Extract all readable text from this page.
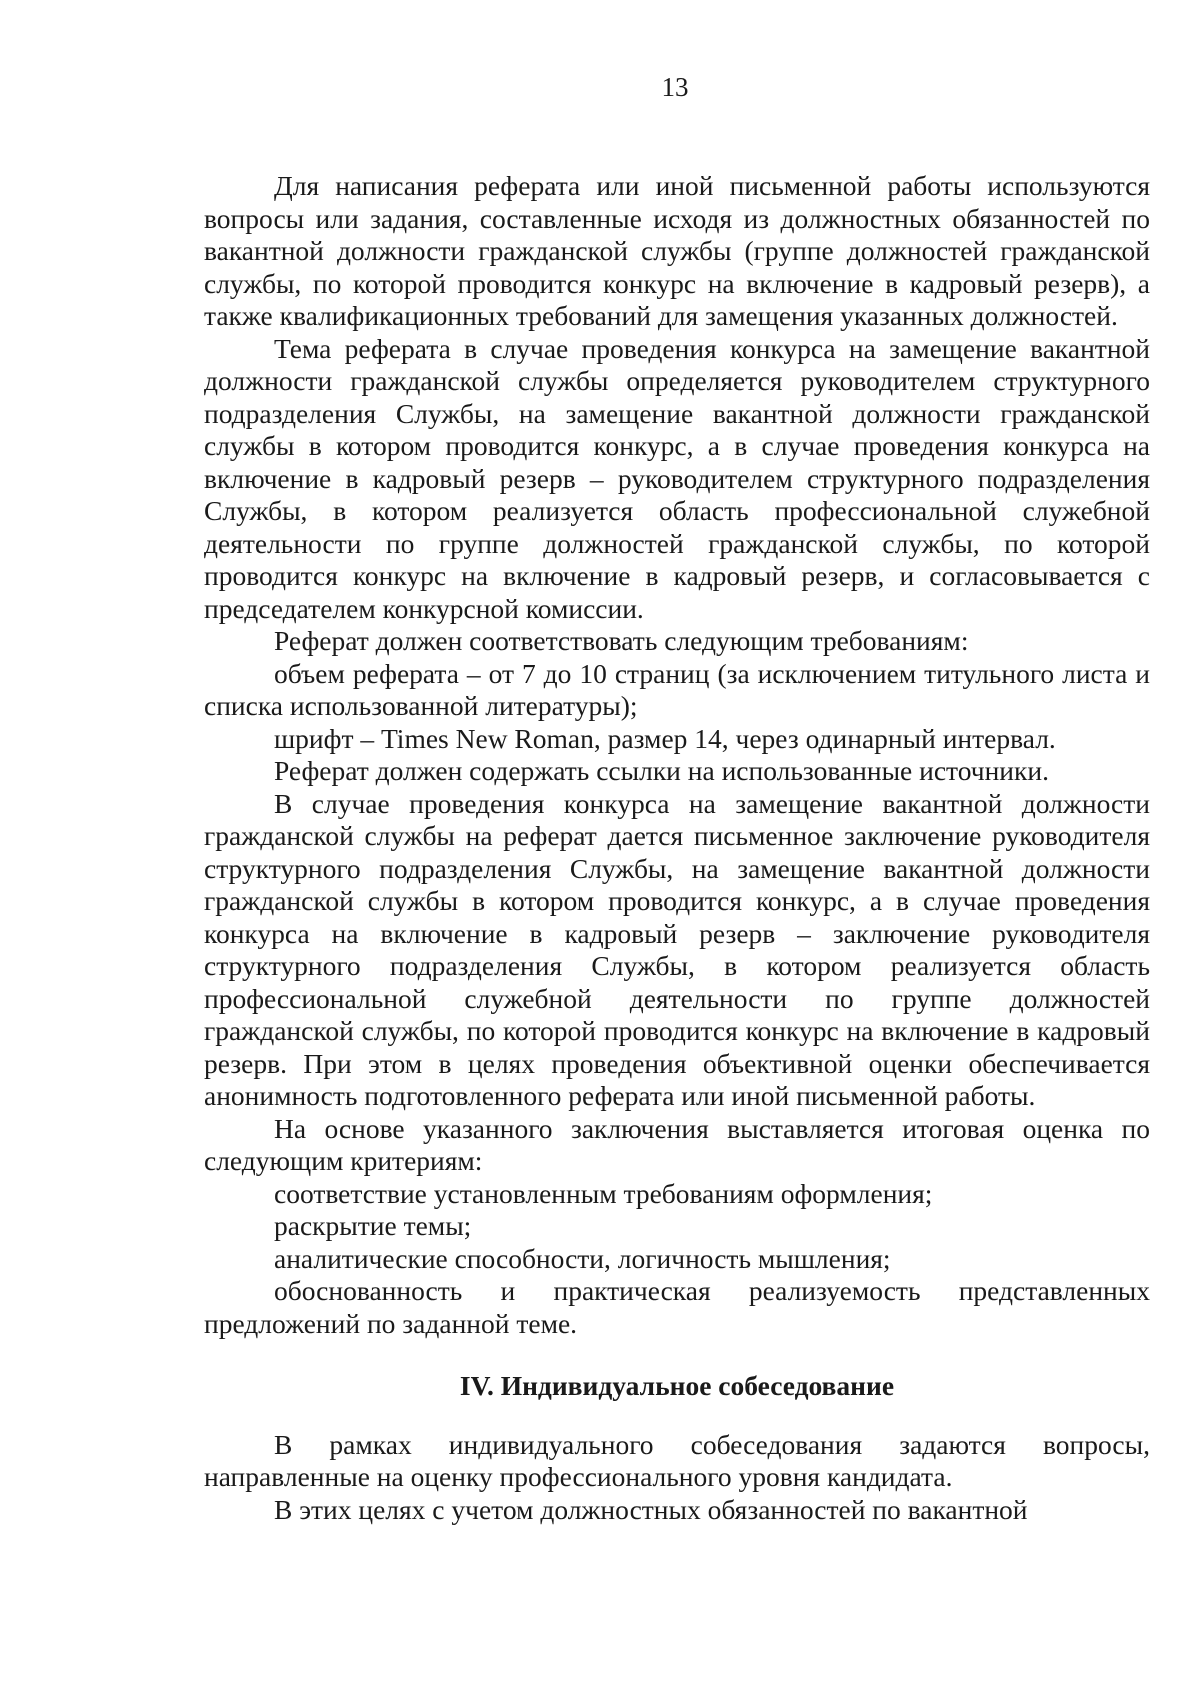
13

Для написания реферата или иной письменной работы используются вопросы или задания, составленные исходя из должностных обязанностей по вакантной должности гражданской службы (группе должностей гражданской службы, по которой проводится конкурс на включение в кадровый резерв), а также квалификационных требований для замещения указанных должностей.

Тема реферата в случае проведения конкурса на замещение вакантной должности гражданской службы определяется руководителем структурного подразделения Службы, на замещение вакантной должности гражданской службы в котором проводится конкурс, а в случае проведения конкурса на включение в кадровый резерв – руководителем структурного подразделения Службы, в котором реализуется область профессиональной служебной деятельности по группе должностей гражданской службы, по которой проводится конкурс на включение в кадровый резерв, и согласовывается с председателем конкурсной комиссии.

Реферат должен соответствовать следующим требованиям:

объем реферата – от 7 до 10 страниц (за исключением титульного листа и списка использованной литературы);

шрифт – Times New Roman, размер 14, через одинарный интервал.

Реферат должен содержать ссылки на использованные источники.

В случае проведения конкурса на замещение вакантной должности гражданской службы на реферат дается письменное заключение руководителя структурного подразделения Службы, на замещение вакантной должности гражданской службы в котором проводится конкурс, а в случае проведения конкурса на включение в кадровый резерв – заключение руководителя структурного подразделения Службы, в котором реализуется область профессиональной служебной деятельности по группе должностей гражданской службы, по которой проводится конкурс на включение в кадровый резерв. При этом в целях проведения объективной оценки обеспечивается анонимность подготовленного реферата или иной письменной работы.

На основе указанного заключения выставляется итоговая оценка по следующим критериям:

соответствие установленным требованиям оформления;

раскрытие темы;

аналитические способности, логичность мышления;

обоснованность и практическая реализуемость представленных предложений по заданной теме.

IV. Индивидуальное собеседование

В рамках индивидуального собеседования задаются вопросы, направленные на оценку профессионального уровня кандидата.

В этих целях с учетом должностных обязанностей по вакантной
